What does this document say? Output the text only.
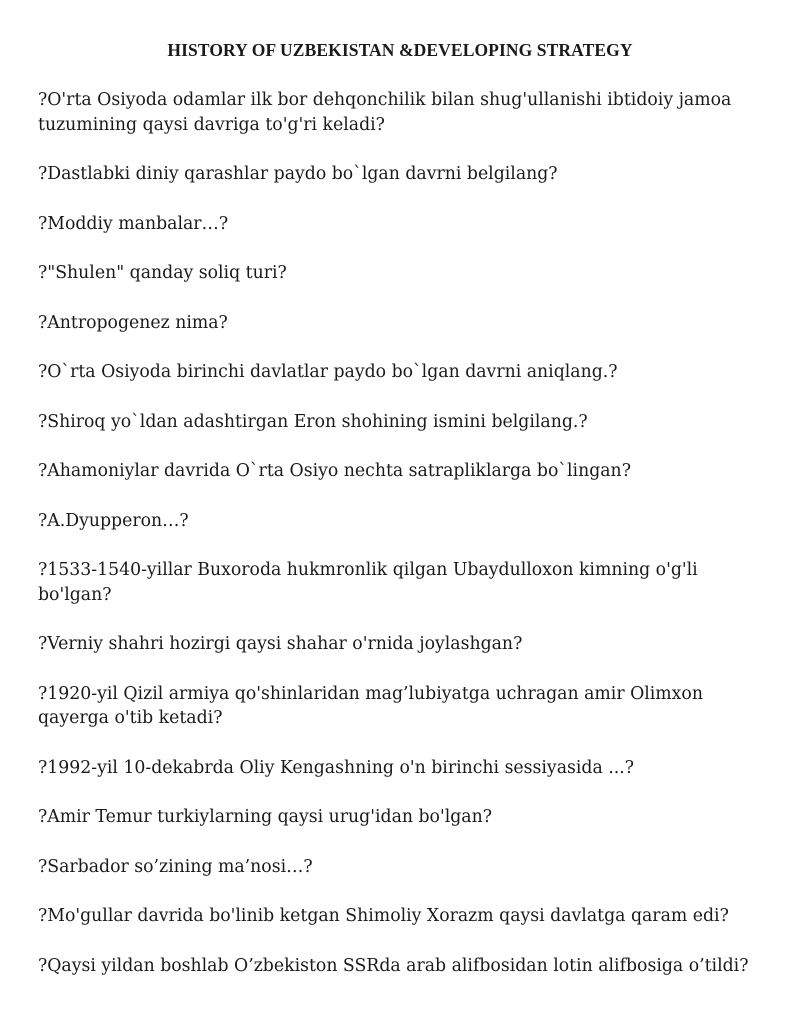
HISTORY OF UZBEKISTAN &DEVELOPING STRATEGY
?O'rta Osiyoda odamlar ilk bor dehqonchilik bilan shug'ullanishi ibtidoiy jamoa tuzumining qaysi davriga to'g'ri keladi?
?Dastlabki diniy qarashlar paydo bo`lgan davrni belgilang?
?Moddiy manbalar…?
?"Shulen" qanday soliq turi?
?Antropogenez nima?
?O`rta Osiyoda birinchi davlatlar paydo bo`lgan davrni aniqlang.?
?Shiroq yo`ldan adashtirgan Eron shohining ismini belgilang.?
?Ahamoniylar davrida O`rta Osiyo nechta satrapliklarga bo`lingan?
?A.Dyupperon…?
?1533-1540-yillar Buxoroda hukmronlik qilgan Ubaydulloxon kimning o'g'li bo'lgan?
?Verniy shahri hozirgi qaysi shahar o'rnida joylashgan?
?1920-yil Qizil armiya qo'shinlaridan mag’lubiyatga uchragan amir Olimxon qayerga o'tib ketadi?
?1992-yil 10-dekabrda Oliy Kengashning o'n birinchi sessiyasida ...?
?Amir Temur turkiylarning qaysi urug'idan bo'lgan?
?Sarbador so’zining ma’nosi…?
?Mo'gullar davrida bo'linib ketgan Shimoliy Xorazm qaysi davlatga qaram edi?
?Qaysi yildan boshlab O’zbekiston SSRda arab alifbosidan lotin alifbosiga o’tildi?
